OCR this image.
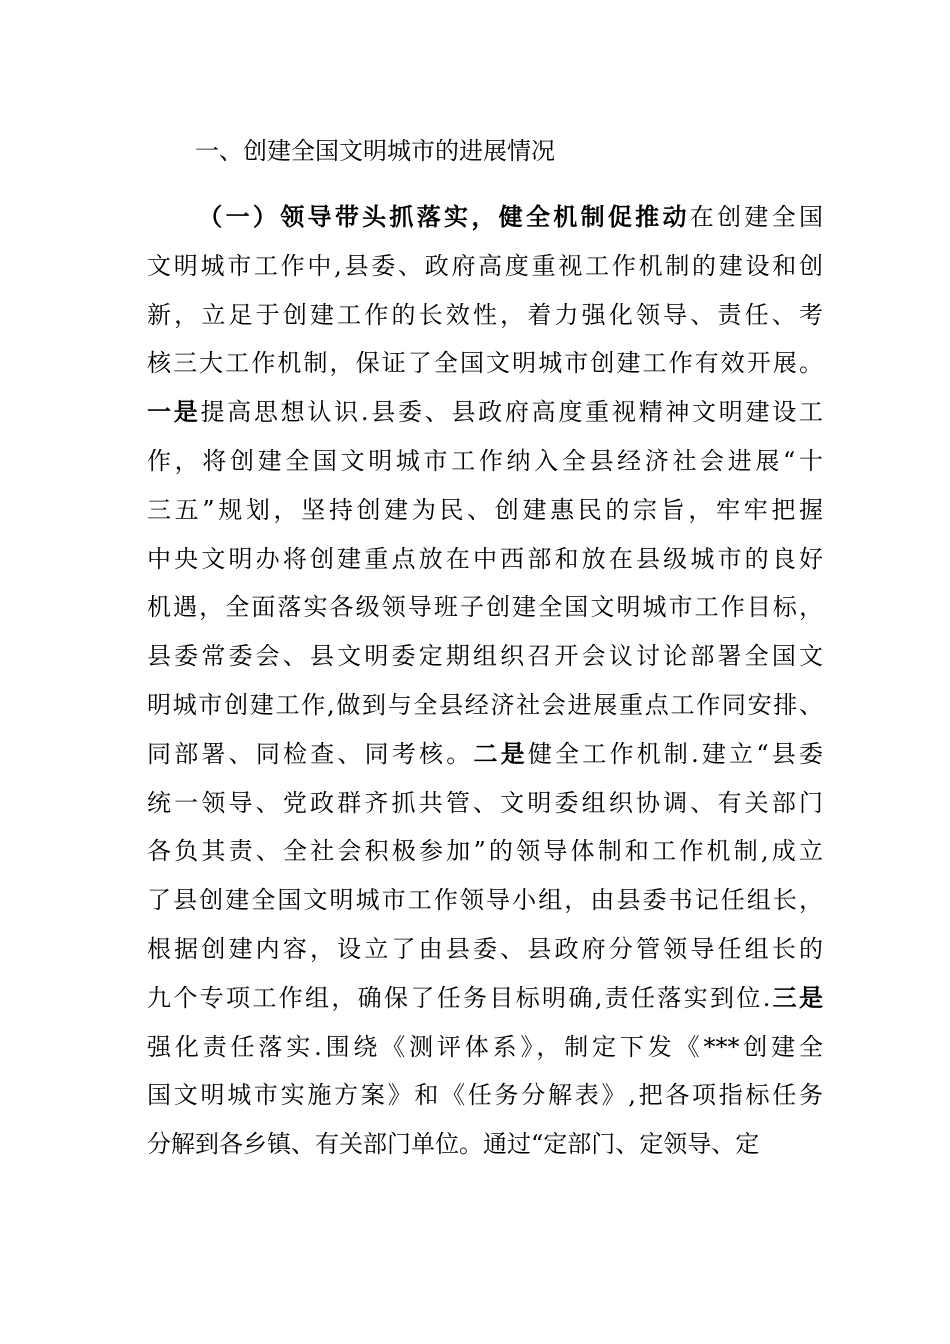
一、创建全国文明城市的进展情况
（一）领导带头抓落实，健全机制促推动在创建全国
文明城市工作中,县委、政府高度重视工作机制的建设和创
新，立足于创建工作的长效性，着力强化领导、责任、考
核三大工作机制，保证了全国文明城市创建工作有效开展。
一是提高思想认识.县委、县政府高度重视精神文明建设工
作，将创建全国文明城市工作纳入全县经济社会进展“十
三五”规划，坚持创建为民、创建惠民的宗旨，牢牢把握
中央文明办将创建重点放在中西部和放在县级城市的良好
机遇，全面落实各级领导班子创建全国文明城市工作目标，
县委常委会、县文明委定期组织召开会议讨论部署全国文
明城市创建工作,做到与全县经济社会进展重点工作同安排、
同部署、同检查、同考核。二是健全工作机制.建立“县委
统一领导、党政群齐抓共管、文明委组织协调、有关部门
各负其责、全社会积极参加”的领导体制和工作机制,成立
了县创建全国文明城市工作领导小组，由县委书记任组长，
根据创建内容，设立了由县委、县政府分管领导任组长的
九个专项工作组，确保了任务目标明确,责任落实到位.三是
强化责任落实.围绕《测评体系》，制定下发《***创建全
国文明城市实施方案》和《任务分解表》,把各项指标任务
分解到各乡镇、有关部门单位。通过“定部门、定领导、定
